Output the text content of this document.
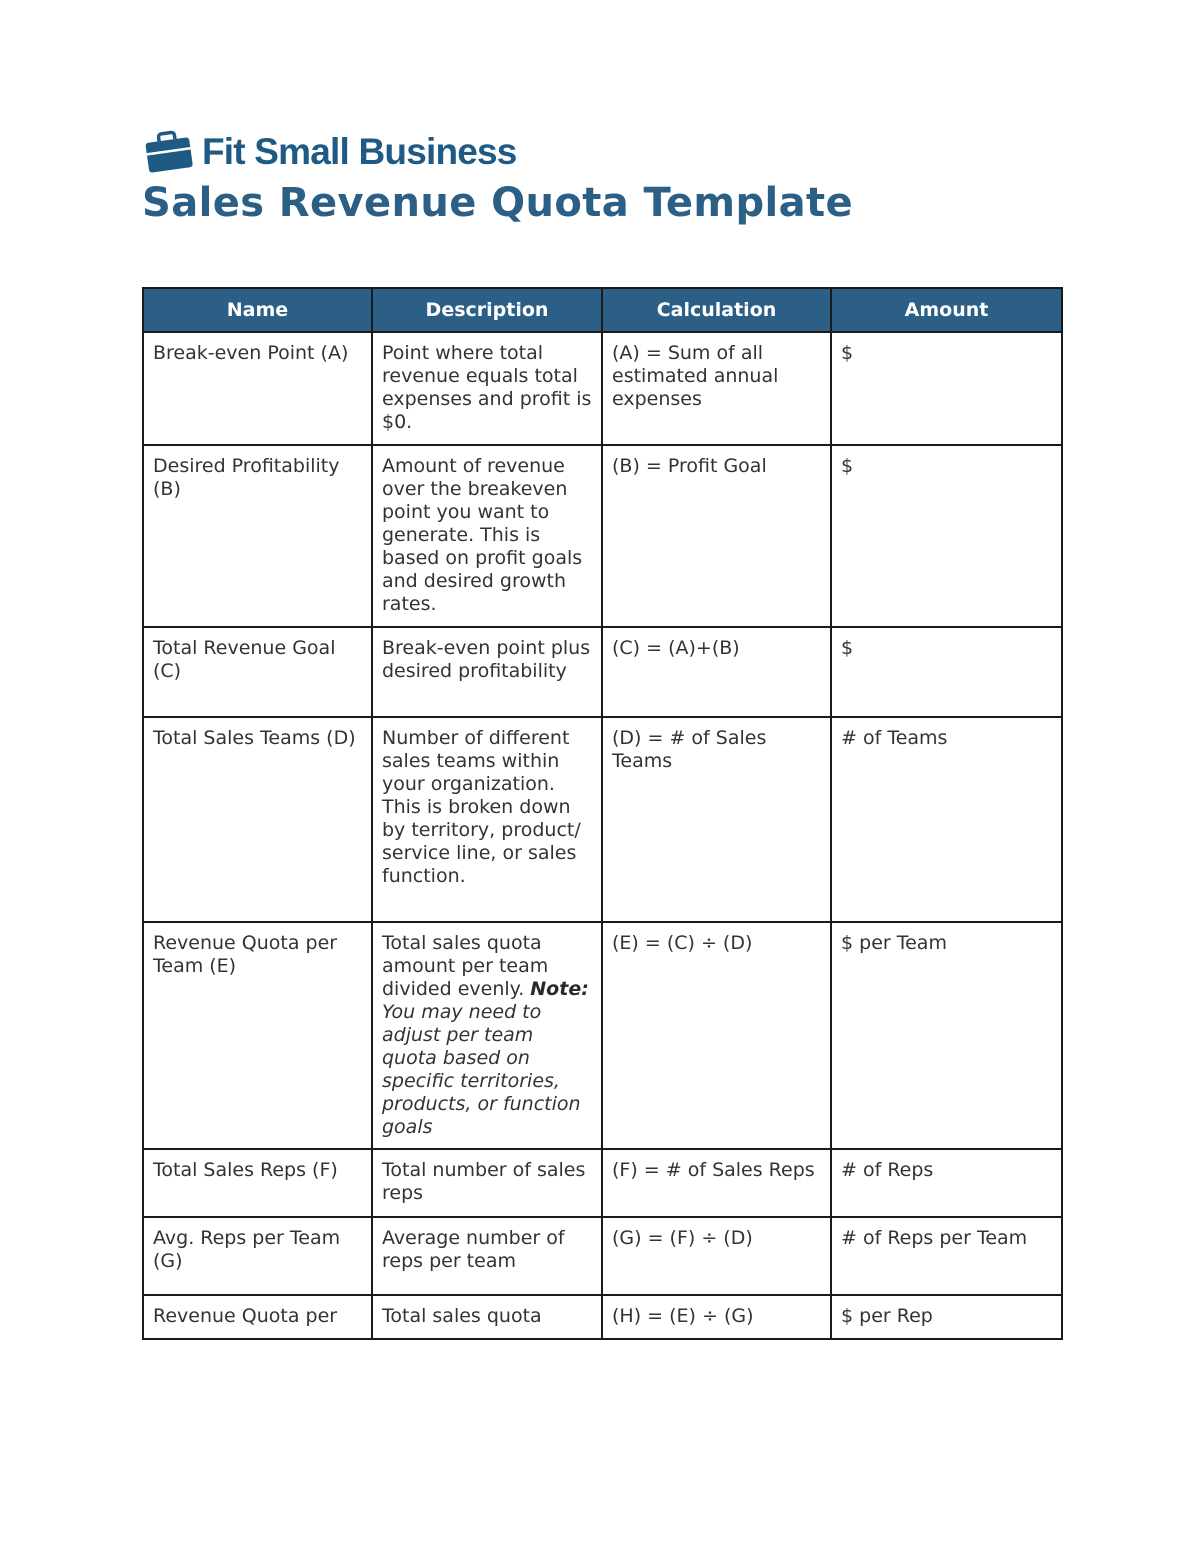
Fit Small Business
Sales Revenue Quota Template
Name	Description	Calculation	Amount
Break-even Point (A)	Point where total revenue equals total expenses and profit is $0.	(A) = Sum of all estimated annual expenses	$
Desired Profitability (B)	Amount of revenue over the breakeven point you want to generate. This is based on profit goals and desired growth rates.	(B) = Profit Goal	$
Total Revenue Goal (C)	Break-even point plus desired profitability	(C) = (A)+(B)	$
Total Sales Teams (D)	Number of different sales teams within your organization. This is broken down by territory, product/ service line, or sales function.	(D) = # of Sales Teams	# of Teams
Revenue Quota per Team (E)	Total sales quota amount per team divided evenly. Note: You may need to adjust per team quota based on specific territories, products, or function goals	(E) = (C) ÷ (D)	$ per Team
Total Sales Reps (F)	Total number of sales reps	(F) = # of Sales Reps	# of Reps
Avg. Reps per Team (G)	Average number of reps per team	(G) = (F) ÷ (D)	# of Reps per Team
Revenue Quota per	Total sales quota	(H) = (E) ÷ (G)	$ per Rep
